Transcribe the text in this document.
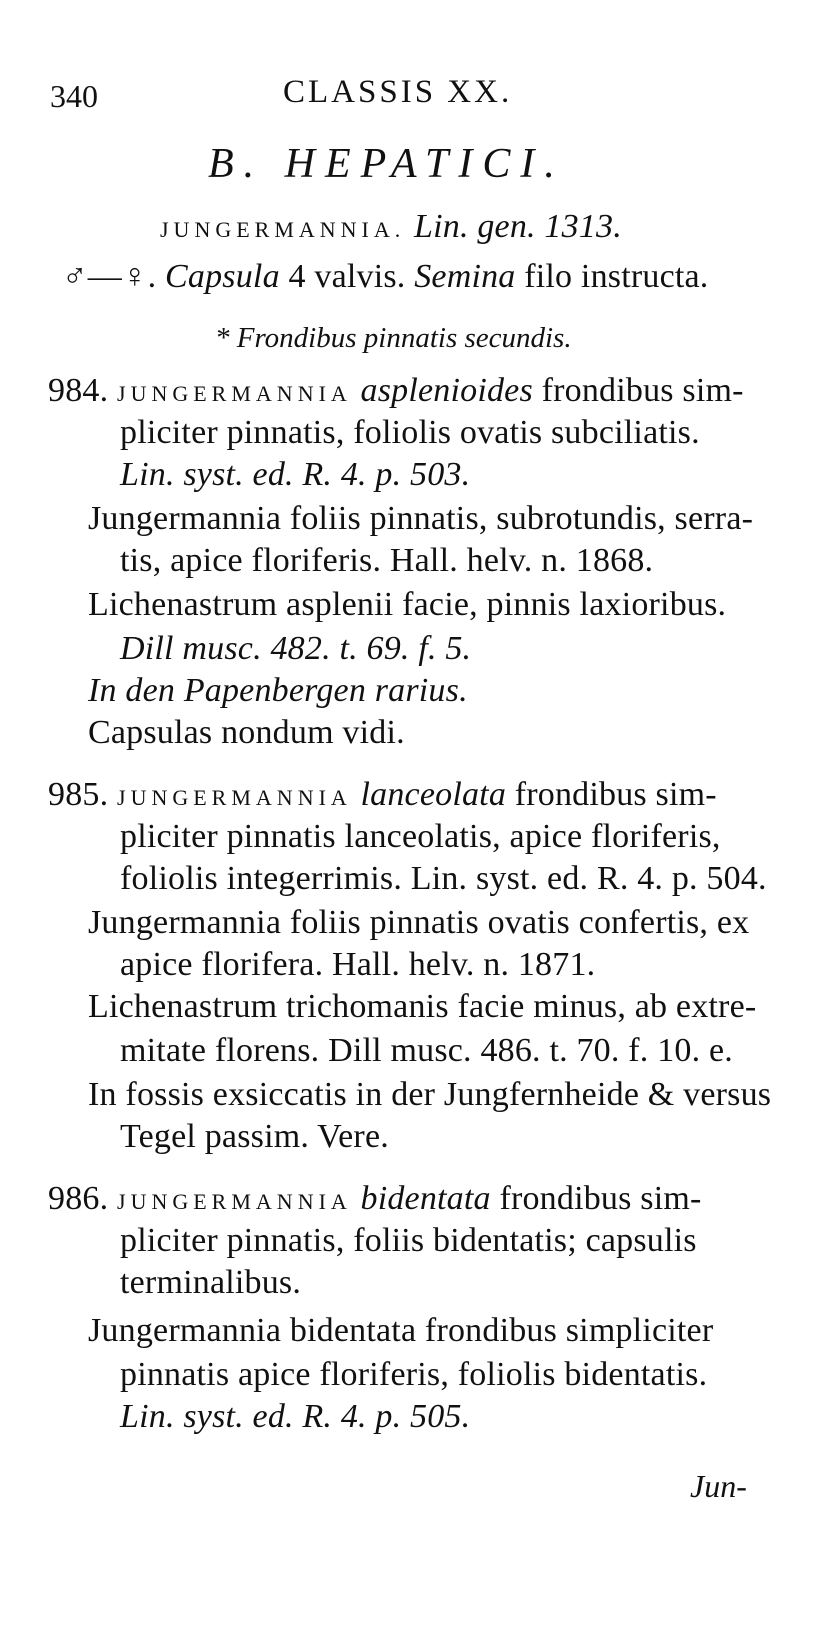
340	CLASSIS XX.
B. HEPATICI.
JUNGERMANNIA. Lin. gen. 1313.
♂—♀. Capsula 4 valvis. Semina filo instructa.
* Frondibus pinnatis secundis.
984. JUNGERMANNIA asplenioides frondibus sim-
pliciter pinnatis, foliolis ovatis subciliatis.
Lin. syst. ed. R. 4. p. 503.
Jungermannia foliis pinnatis, subrotundis, serra-
tis, apice floriferis. Hall. helv. n. 1868.
Lichenastrum asplenii facie, pinnis laxioribus.
Dill musc. 482. t. 69. f. 5.
In den Papenbergen rarius.
Capsulas nondum vidi.
985. JUNGERMANNIA lanceolata frondibus sim-
pliciter pinnatis lanceolatis, apice floriferis,
foliolis integerrimis. Lin. syst. ed. R. 4. p. 504.
Jungermannia foliis pinnatis ovatis confertis, ex
apice florifera. Hall. helv. n. 1871.
Lichenastrum trichomanis facie minus, ab extre-
mitate florens. Dill musc. 486. t. 70. f. 10. e.
In fossis exsiccatis in der Jungfernheide & versus
Tegel passim. Vere.
986. JUNGERMANNIA bidentata frondibus sim-
pliciter pinnatis, foliis bidentatis; capsulis
terminalibus.
Jungermannia bidentata frondibus simpliciter
pinnatis apice floriferis, foliolis bidentatis.
Lin. syst. ed. R. 4. p. 505.
Jun-
